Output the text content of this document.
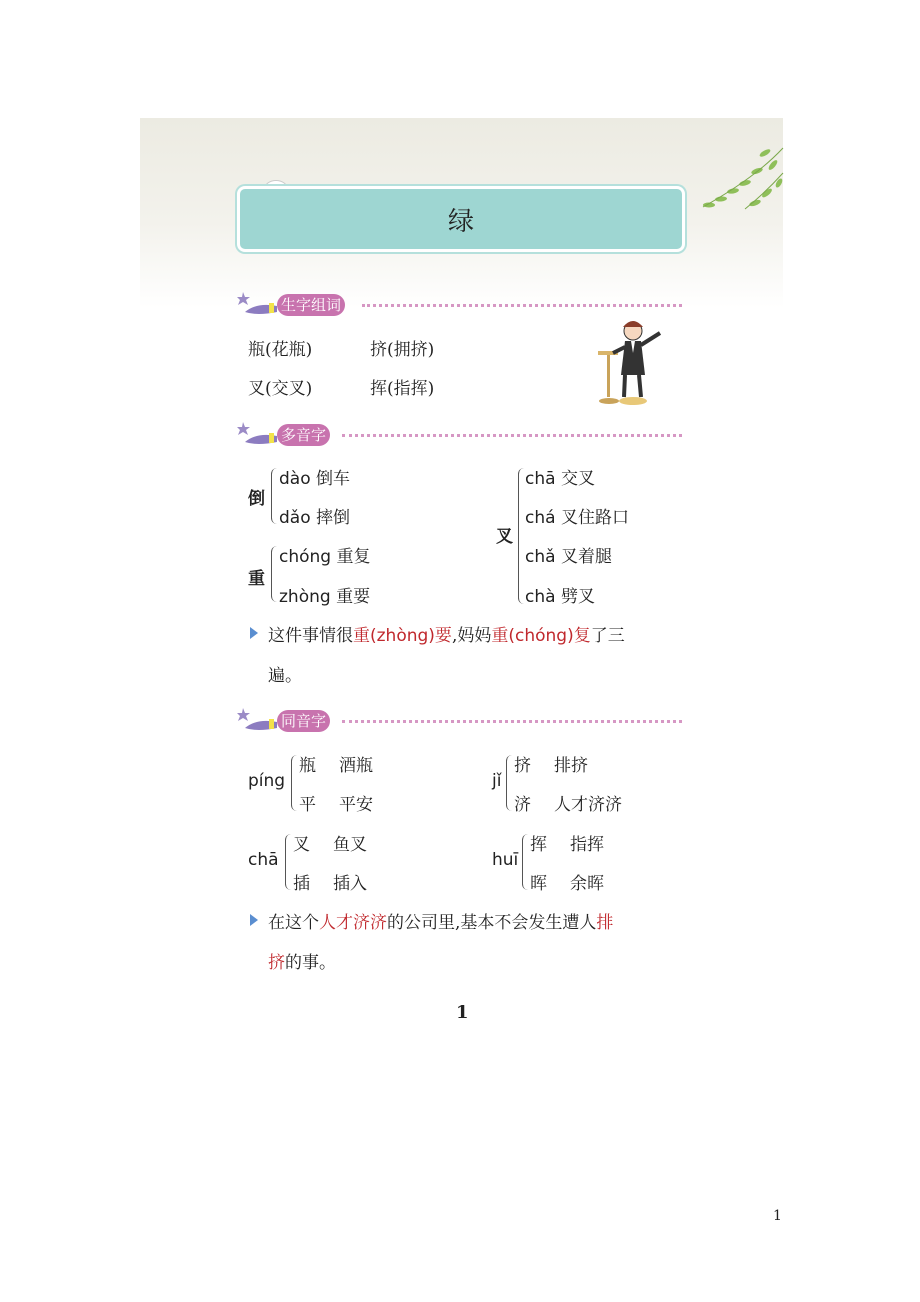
绿
生字组词
瓶(花瓶)	挤(拥挤)
叉(交叉)	挥(指挥)
多音字
倒
dào 倒车
dǎo 摔倒
重
chóng 重复
zhòng 重要
叉
chā 交叉
chá 叉住路口
chǎ 叉着腿
chà 劈叉
这件事情很重(zhòng)要,妈妈重(chóng)复了三
遍。
同音字
píng
瓶 酒瓶
平 平安
jǐ
挤 排挤
济 人才济济
chā
叉 鱼叉
插 插入
huī
挥 指挥
晖 余晖
在这个人才济济的公司里,基本不会发生遭人排
挤的事。
1
1
